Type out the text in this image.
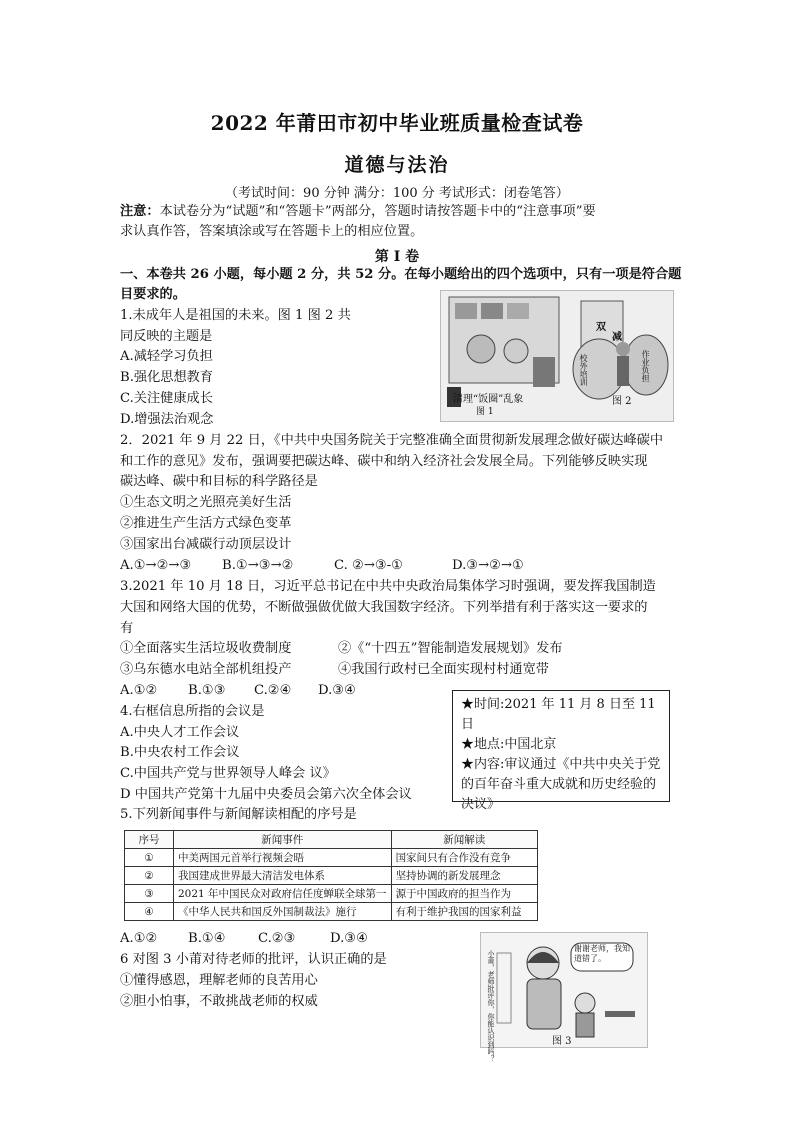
2022 年莆田市初中毕业班质量检查试卷
道德与法治
（考试时间：90 分钟 满分：100 分 考试形式：闭卷笔答）
注意：本试卷分为“试题”和“答题卡”两部分，答题时请按答题卡中的“注意事项”要
求认真作答，答案填涂或写在答题卡上的相应位置。
第 I 卷
一、本卷共 26 小题，每小题 2 分，共 52 分。在每小题给出的四个选项中，只有一项是符合题
目要求的。
1.未成年人是祖国的未来。图 1 图 2 共
同反映的主题是
A.减轻学习负担
B.强化思想教育
C.关注健康成长
D.增强法治观念
清理“饭圈”乱象
图 1
图 2
双
减
校外培训	作业负担
2．2021 年 9 月 22 日，《中共中央国务院关于完整准确全面贯彻新发展理念做好碳达峰碳中
和工作的意见》发布，强调要把碳达峰、碳中和纳入经济社会发展全局。下列能够反映实现
碳达峰、碳中和目标的科学路径是
①生态文明之光照亮美好生活
②推进生产生活方式绿色变革
③国家出台减碳行动顶层设计
A.①→②→③ B.①→③→②	C. ②→③-①	D.③→②→①
3.2021 年 10 月 18 日，习近平总书记在中共中央政治局集体学习时强调，要发挥我国制造
大国和网络大国的优势，不断做强做优做大我国数字经济。下列举措有利于落实这一要求的
有
①全面落实生活垃圾收费制度	②《“十四五”智能制造发展规划》发布
③乌东德水电站全部机组投产	④我国行政村已全面实现村村通宽带
A.①② B.①③ C.②④ D.③④
4.右框信息所指的会议是
A.中央人才工作会议
B.中央农村工作会议
C.中国共产党与世界领导人峰会 议》
D 中国共产党第十九届中央委员会第六次全体会议
★时间:2021 年 11 月 8 日至 11 日
★地点:中国北京
★内容:审议通过《中共中央关于党的百年奋斗重大成就和历史经验的决议》
5.下列新闻事件与新闻解读相配的序号是
序号	新闻事件	新闻解读
①	中美两国元首举行视频会晤	国家间只有合作没有竞争
②	我国建成世界最大清洁发电体系	坚持协调的新发展理念
③	2021 年中国民众对政府信任度蝉联全球第一	源于中国政府的担当作为
④	《中华人民共和国反外国制裁法》施行	有利于维护我国的国家利益
A.①② B.①④ C.②③	D.③④
6 对图 3 小莆对待老师的批评，认识正确的是
①懂得感恩，理解老师的良苦用心
②胆小怕事，不敢挑战老师的权威
谢谢老师，我知道错了。
小莆，老师批评你，你能认识到吗？	图 3
